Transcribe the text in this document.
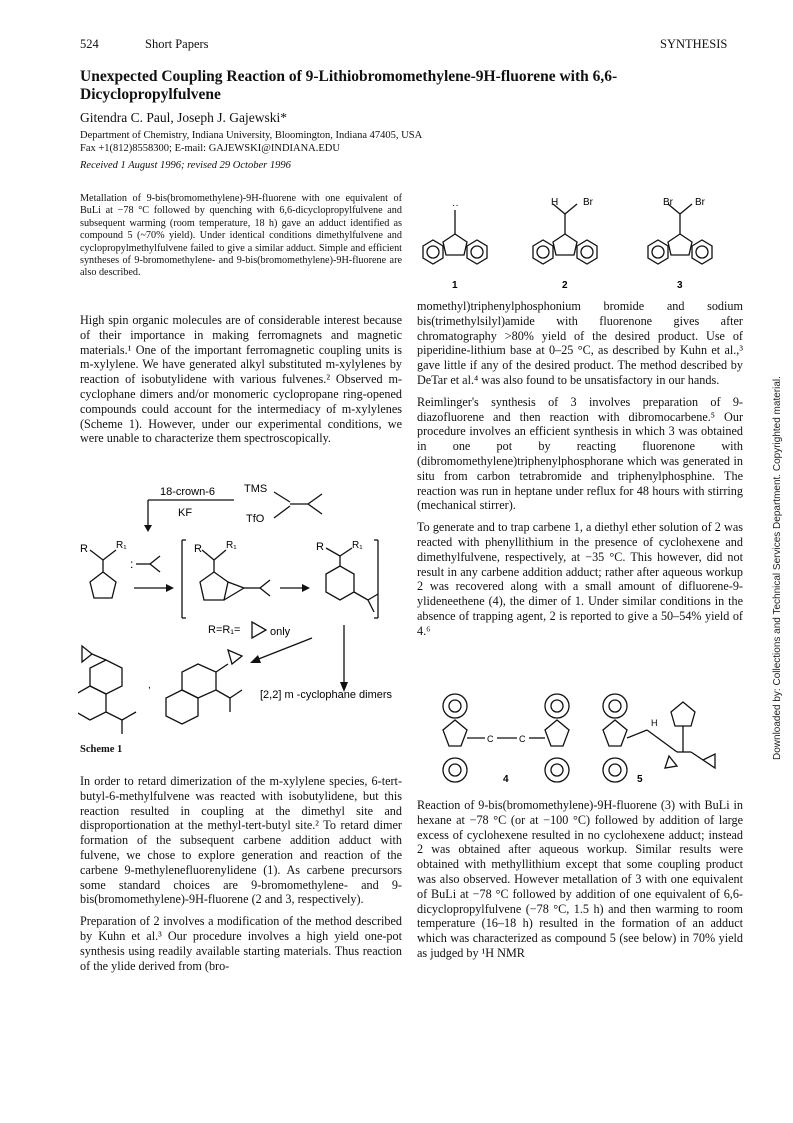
524	Short Papers	SYNTHESIS
Unexpected Coupling Reaction of 9-Lithiobromomethylene-9H-fluorene with 6,6-Dicyclopropylfulvene
Gitendra C. Paul, Joseph J. Gajewski*
Department of Chemistry, Indiana University, Bloomington, Indiana 47405, USA
Fax +1(812)8558300; E-mail: GAJEWSKI@INDIANA.EDU
Received 1 August 1996; revised 29 October 1996
Metallation of 9-bis(bromomethylene)-9H-fluorene with one equivalent of BuLi at −78 °C followed by quenching with 6,6-dicyclopropylfulvene and subsequent warming (room temperature, 18 h) gave an adduct identified as compound 5 (~70% yield). Under identical conditions dimethylfulvene and cyclopropylmethylfulvene failed to give a similar adduct. Simple and efficient syntheses of 9-bromomethylene- and 9-bis(bromomethylene)-9H-fluorene are also described.
··	H Br	Br Br
1	2	3

High spin organic molecules are of considerable interest because of their importance in making ferromagnets and magnetic materials.¹ One of the important ferromagnetic coupling units is m-xylylene. We have generated alkyl substituted m-xylylenes by reaction of isobutylidene with various fulvenes.² Observed m-cyclophane dimers and/or monomeric cyclopropane ring-opened compounds could account for the intermediacy of m-xylylenes (Scheme 1). However, under our experimental conditions, we were unable to characterize them spectroscopically.

18-crown-6
KF
TMS
TfO
R	R₁
:
R R₁	R	R₁
R=R₁=	only
,
[2,2] m -cyclophane dimers
Scheme 1

In order to retard dimerization of the m-xylylene species, 6-tert-butyl-6-methylfulvene was reacted with isobutylidene, but this reaction resulted in coupling at the dimethyl site and disproportionation at the methyl-tert-butyl site.² To retard dimer formation of the subsequent carbene addition adduct with fulvene, we chose to explore generation and reaction of the carbene 9-methylenefluorenylidene (1). As carbene precursors some standard choices are 9-bromomethylene- and 9-bis(bromomethylene)-9H-fluorene (2 and 3, respectively).

Preparation of 2 involves a modification of the method described by Kuhn et al.³ Our procedure involves a high yield one-pot synthesis using readily available starting materials. Thus reaction of the ylide derived from (bro-

momethyl)triphenylphosphonium bromide and sodium bis(trimethylsilyl)amide with fluorenone gives after chromatography >80% yield of the desired product. Use of piperidine-lithium base at 0–25 °C, as described by Kuhn et al.,³ gave little if any of the desired product. The method described by DeTar et al.⁴ was also found to be unsatisfactory in our hands.

Reimlinger's synthesis of 3 involves preparation of 9-diazofluorene and then reaction with dibromocarbene.⁵ Our procedure involves an efficient synthesis in which 3 was obtained in one pot by reacting fluorenone with (dibromomethylene)triphenylphosphorane which was generated in situ from carbon tetrabromide and triphenylphosphine. The reaction was run in heptane under reflux for 48 hours with stirring (mechanical stirrer).

To generate and to trap carbene 1, a diethyl ether solution of 2 was reacted with phenyllithium in the presence of cyclohexene and dimethylfulvene, respectively, at −35 °C. This however, did not result in any carbene addition adduct; rather after aqueous workup 2 was recovered along with a small amount of difluorene-9-ylideneethene (4), the dimer of 1. Under similar conditions in the absence of trapping agent, 2 is reported to give a 50–54% yield of 4.⁶

C	C
4
H
5

Reaction of 9-bis(bromomethylene)-9H-fluorene (3) with BuLi in hexane at −78 °C (or at −100 °C) followed by addition of large excess of cyclohexene resulted in no cyclohexene adduct; instead 2 was obtained after aqueous workup. Similar results were obtained with methyllithium except that some coupling product was also observed. However metallation of 3 with one equivalent of BuLi at −78 °C followed by addition of one equivalent of 6,6-dicyclopropylfulvene (−78 °C, 1.5 h) and then warming to room temperature (16–18 h) resulted in the formation of an adduct which was characterized as compound 5 (see below) in 70% yield as judged by ¹H NMR

Downloaded by: Collections and Technical Services Department. Copyrighted material.
